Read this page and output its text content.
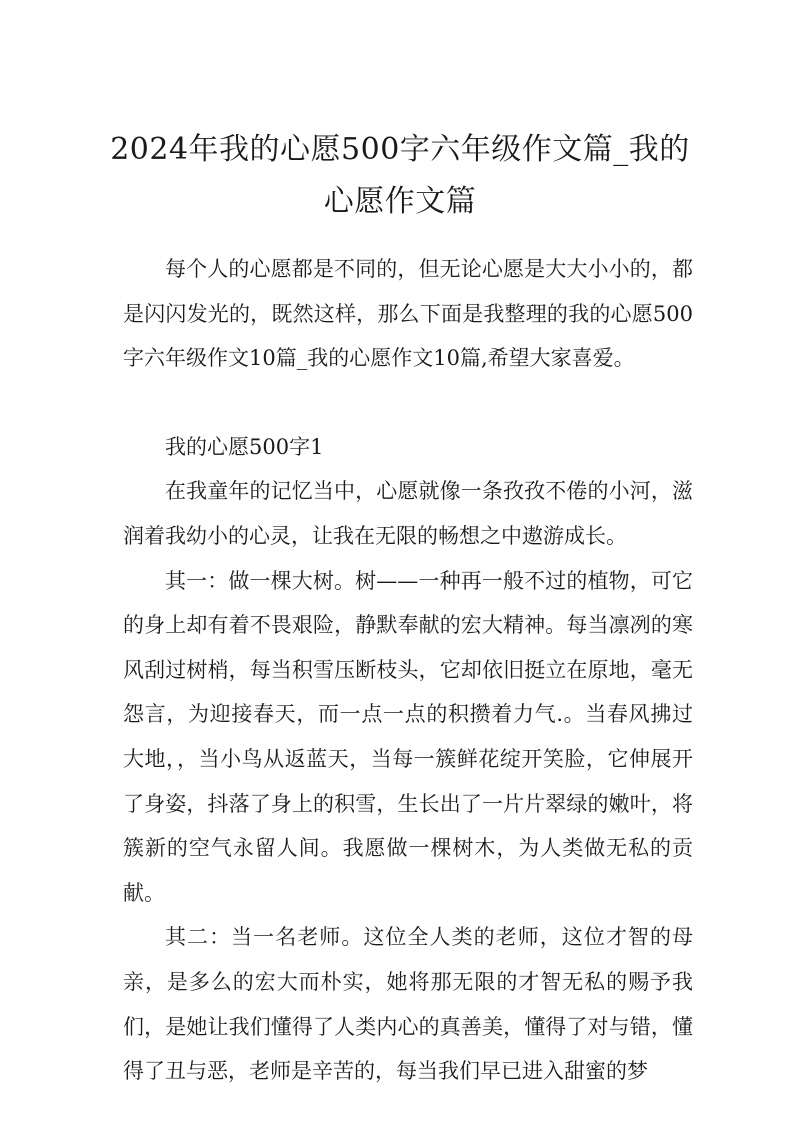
2024年我的心愿500字六年级作文篇_我的心愿作文篇

每个人的心愿都是不同的，但无论心愿是大大小小的，都是闪闪发光的，既然这样，那么下面是我整理的我的心愿500字六年级作文10篇_我的心愿作文10篇,希望大家喜爱。

我的心愿500字1

在我童年的记忆当中，心愿就像一条孜孜不倦的小河，滋润着我幼小的心灵，让我在无限的畅想之中遨游成长。

其一：做一棵大树。树——一种再一般不过的植物，可它的身上却有着不畏艰险，静默奉献的宏大精神。每当凛冽的寒风刮过树梢，每当积雪压断枝头，它却依旧挺立在原地，毫无怨言，为迎接春天，而一点一点的积攒着力气.。当春风拂过大地，，当小鸟从返蓝天，当每一簇鲜花绽开笑脸，它伸展开了身姿，抖落了身上的积雪，生长出了一片片翠绿的嫩叶，将簇新的空气永留人间。我愿做一棵树木，为人类做无私的贡献。

其二：当一名老师。这位全人类的老师，这位才智的母亲，是多么的宏大而朴实，她将那无限的才智无私的赐予我们，是她让我们懂得了人类内心的真善美，懂得了对与错，懂得了丑与恶，老师是辛苦的，每当我们早已进入甜蜜的梦
